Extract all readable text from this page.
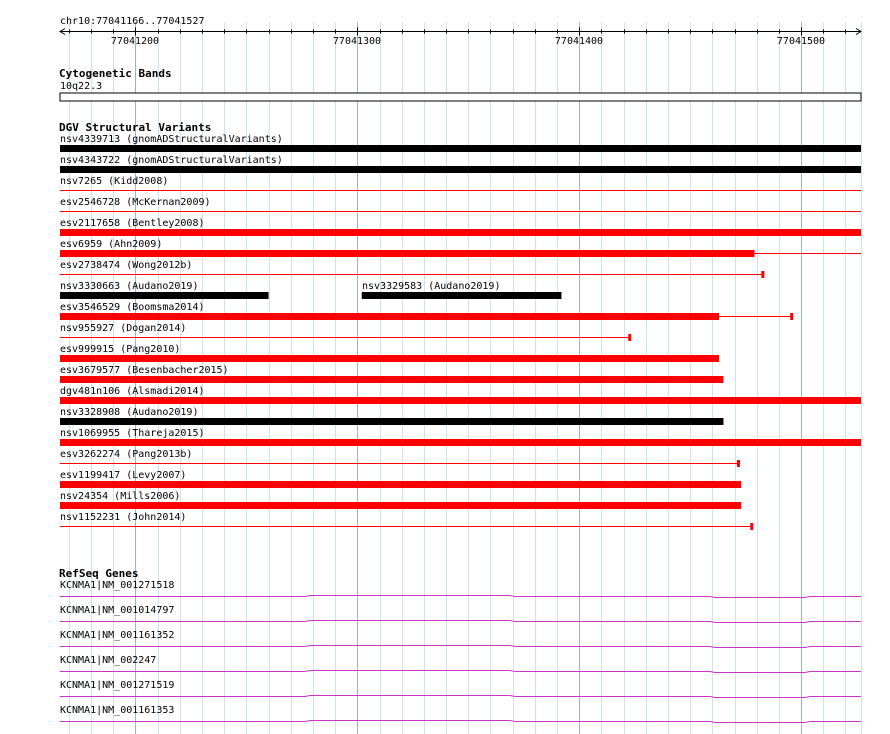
77041200	77041300	77041400	77041500
chr10:77041166..77041527
Cytogenetic Bands
10q22.3
DGV Structural Variants
nsv4339713 (gnomADStructuralVariants)
nsv4343722 (gnomADStructuralVariants)
nsv7265 (Kidd2008)
esv2546728 (McKernan2009)
esv2117658 (Bentley2008)
esv6959 (Ahn2009)
esv2738474 (Wong2012b)
nsv3330663 (Audano2019)	nsv3329583 (Audano2019)
esv3546529 (Boomsma2014)
nsv955927 (Dogan2014)
esv999915 (Pang2010)
esv3679577 (Besenbacher2015)
dgv481n106 (Alsmadi2014)
nsv3328908 (Audano2019)
nsv1069955 (Thareja2015)
esv3262274 (Pang2013b)
esv1199417 (Levy2007)
nsv24354 (Mills2006)
nsv1152231 (John2014)
RefSeq Genes
KCNMA1|NM_001271518
KCNMA1|NM_001014797
KCNMA1|NM_001161352
KCNMA1|NM_002247
KCNMA1|NM_001271519
KCNMA1|NM_001161353
